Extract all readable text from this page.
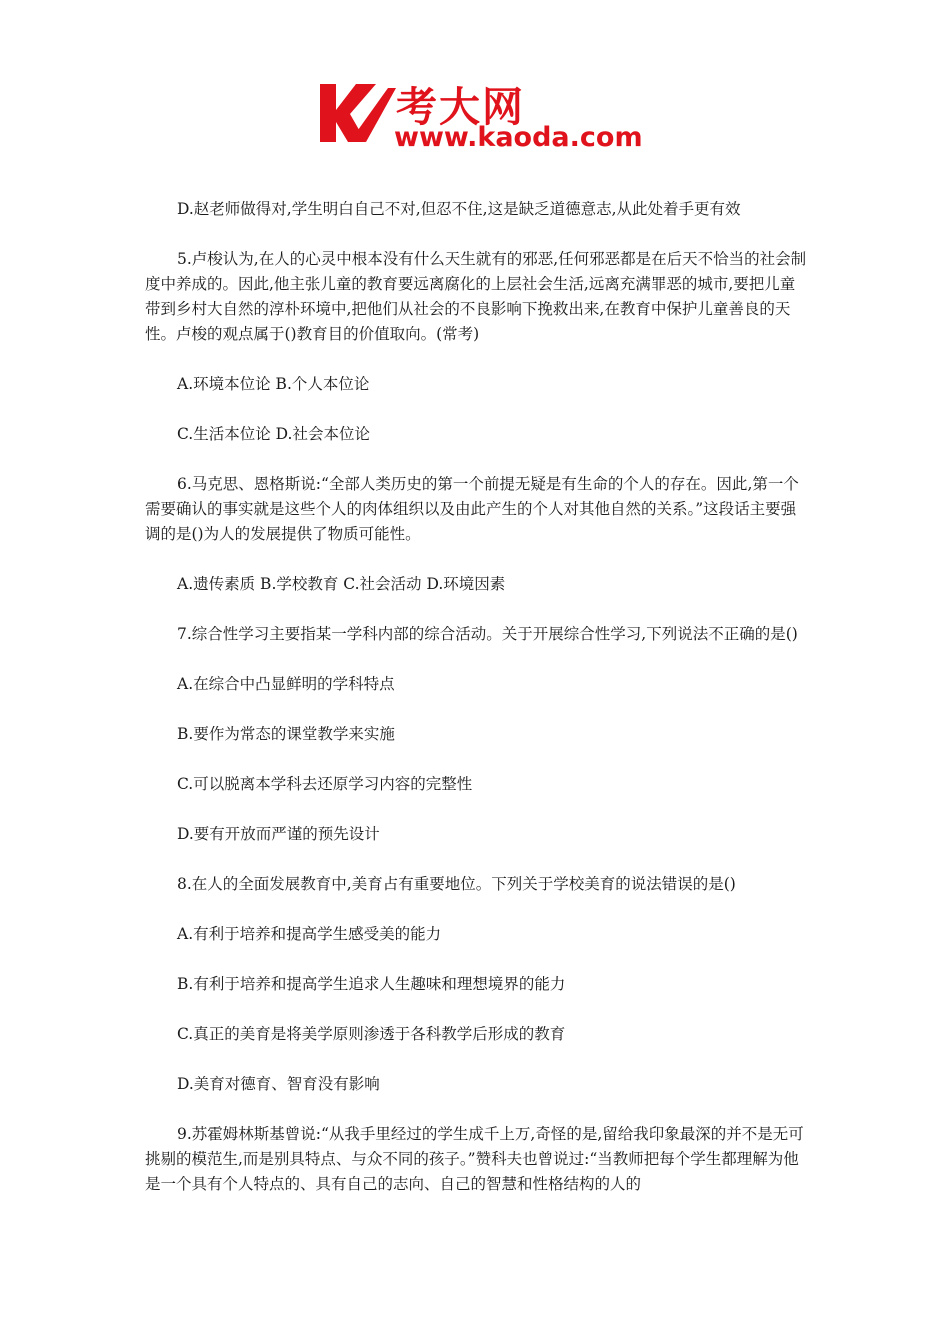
考大网
www.kaoda.com

D.赵老师做得对,学生明白自己不对,但忍不住,这是缺乏道德意志,从此处着手更有效

5.卢梭认为,在人的心灵中根本没有什么天生就有的邪恶,任何邪恶都是在后天不恰当的社会制度中养成的。因此,他主张儿童的教育要远离腐化的上层社会生活,远离充满罪恶的城市,要把儿童带到乡村大自然的淳朴环境中,把他们从社会的不良影响下挽救出来,在教育中保护儿童善良的天性。卢梭的观点属于()教育目的价值取向。(常考)

A.环境本位论 B.个人本位论

C.生活本位论 D.社会本位论

6.马克思、恩格斯说:“全部人类历史的第一个前提无疑是有生命的个人的存在。因此,第一个需要确认的事实就是这些个人的肉体组织以及由此产生的个人对其他自然的关系。”这段话主要强调的是()为人的发展提供了物质可能性。

A.遗传素质 B.学校教育 C.社会活动 D.环境因素

7.综合性学习主要指某一学科内部的综合活动。关于开展综合性学习,下列说法不正确的是()

A.在综合中凸显鲜明的学科特点

B.要作为常态的课堂教学来实施

C.可以脱离本学科去还原学习内容的完整性

D.要有开放而严谨的预先设计

8.在人的全面发展教育中,美育占有重要地位。下列关于学校美育的说法错误的是()

A.有利于培养和提高学生感受美的能力

B.有利于培养和提高学生追求人生趣味和理想境界的能力

C.真正的美育是将美学原则渗透于各科教学后形成的教育

D.美育对德育、智育没有影响

9.苏霍姆林斯基曾说:“从我手里经过的学生成千上万,奇怪的是,留给我印象最深的并不是无可挑剔的模范生,而是别具特点、与众不同的孩子。”赞科夫也曾说过:“当教师把每个学生都理解为他是一个具有个人特点的、具有自己的志向、自己的智慧和性格结构的人的
